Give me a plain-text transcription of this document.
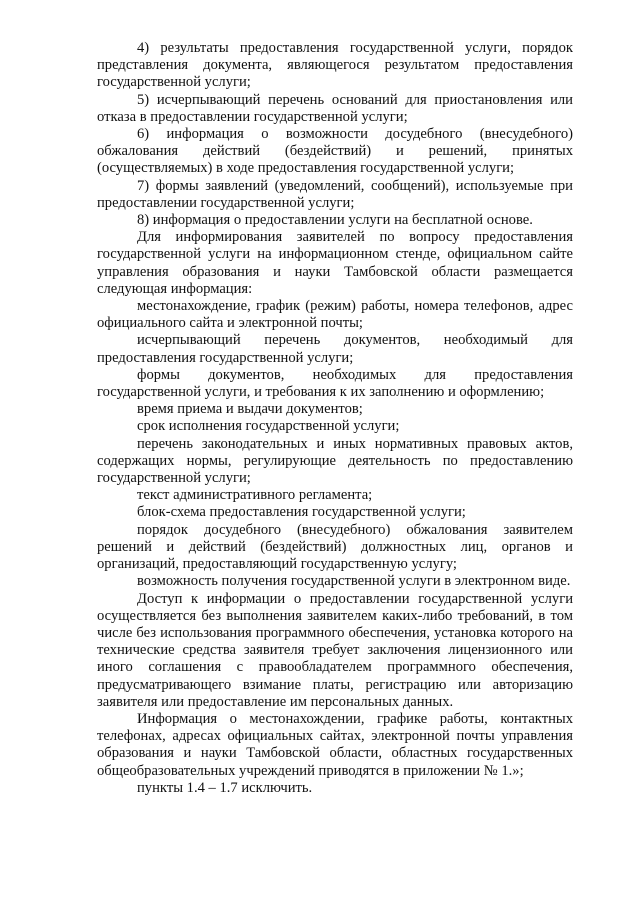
4) результаты предоставления государственной услуги, порядок представления документа, являющегося результатом предоставления государственной услуги;

5) исчерпывающий перечень оснований для приостановления или отказа в предоставлении государственной услуги;

6) информация о возможности досудебного (внесудебного) обжалования действий (бездействий) и решений, принятых (осуществляемых) в ходе предоставления государственной услуги;

7) формы заявлений (уведомлений, сообщений), используемые при предоставлении государственной услуги;

8) информация о предоставлении услуги на бесплатной основе.

Для информирования заявителей по вопросу предоставления государственной услуги на информационном стенде, официальном сайте управления образования и науки Тамбовской области размещается следующая информация:

местонахождение, график (режим) работы, номера телефонов, адрес официального сайта и электронной почты;

исчерпывающий перечень документов, необходимый для предоставления государственной услуги;

формы документов, необходимых для предоставления государственной услуги, и требования к их заполнению и оформлению;

время приема и выдачи документов;

срок исполнения государственной услуги;

перечень законодательных и иных нормативных правовых актов, содержащих нормы, регулирующие деятельность по предоставлению государственной услуги;

текст административного регламента;

блок-схема предоставления государственной услуги;

порядок досудебного (внесудебного) обжалования заявителем решений и действий (бездействий) должностных лиц, органов и организаций, предоставляющий государственную услугу;

возможность получения государственной услуги в электронном виде.

Доступ к информации о предоставлении государственной услуги осуществляется без выполнения заявителем каких-либо требований, в том числе без использования программного обеспечения, установка которого на технические средства заявителя требует заключения лицензионного или иного соглашения с правообладателем программного обеспечения, предусматривающего взимание платы, регистрацию или авторизацию заявителя или предоставление им персональных данных.

Информация о местонахождении, графике работы, контактных телефонах, адресах официальных сайтах, электронной почты управления образования и науки Тамбовской области, областных государственных общеобразовательных учреждений приводятся в приложении № 1.»;

пункты 1.4 – 1.7 исключить.
